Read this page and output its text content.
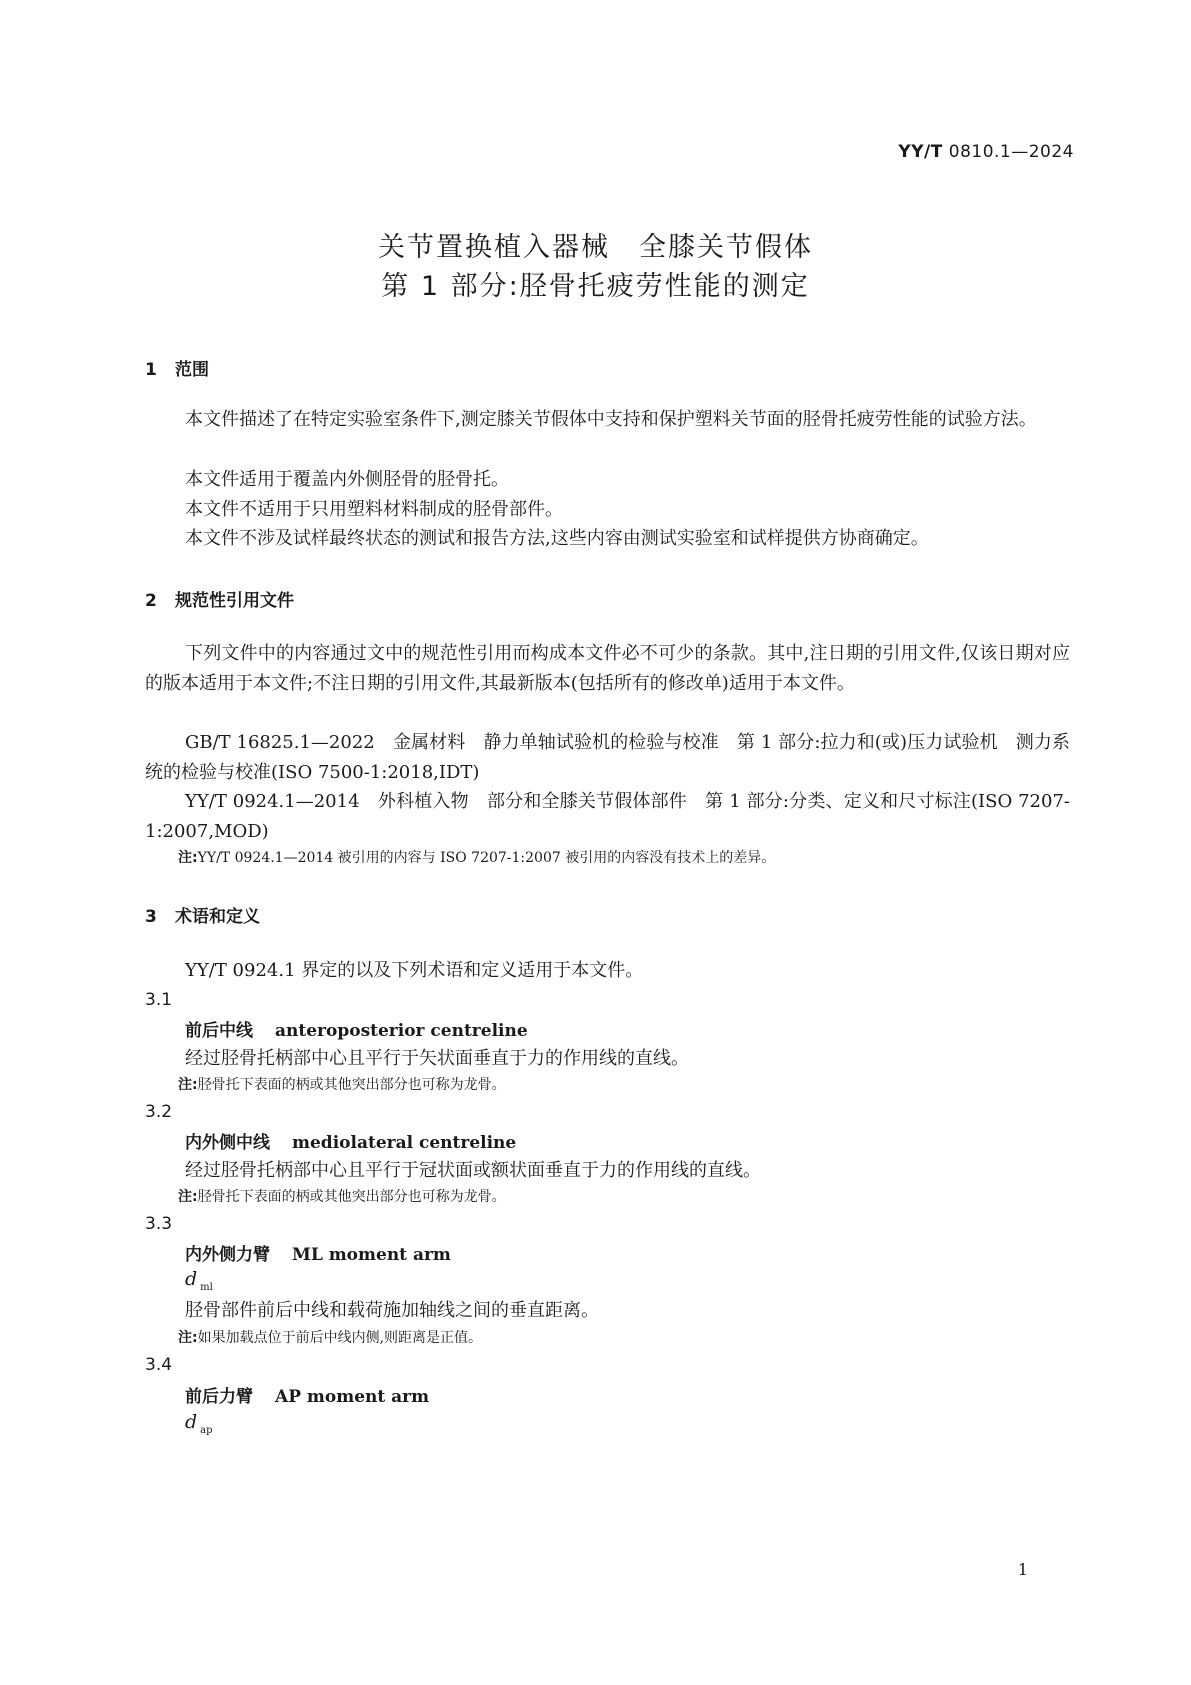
YY/T 0810.1—2024
关节置换植入器械　全膝关节假体
第 1 部分:胫骨托疲劳性能的测定
1 范围
本文件描述了在特定实验室条件下,测定膝关节假体中支持和保护塑料关节面的胫骨托疲劳性能的试验方法。
本文件适用于覆盖内外侧胫骨的胫骨托。
本文件不适用于只用塑料材料制成的胫骨部件。
本文件不涉及试样最终状态的测试和报告方法,这些内容由测试实验室和试样提供方协商确定。
2 规范性引用文件
下列文件中的内容通过文中的规范性引用而构成本文件必不可少的条款。其中,注日期的引用文件,仅该日期对应的版本适用于本文件;不注日期的引用文件,其最新版本(包括所有的修改单)适用于本文件。
GB/T 16825.1—2022　金属材料　静力单轴试验机的检验与校准　第 1 部分:拉力和(或)压力试验机　测力系统的检验与校准(ISO 7500-1:2018,IDT)
YY/T 0924.1—2014　外科植入物　部分和全膝关节假体部件　第 1 部分:分类、定义和尺寸标注(ISO 7207-1:2007,MOD)
注:YY/T 0924.1—2014 被引用的内容与 ISO 7207-1:2007 被引用的内容没有技术上的差异。
3 术语和定义
YY/T 0924.1 界定的以及下列术语和定义适用于本文件。
3.1
前后中线 anteroposterior centreline
经过胫骨托柄部中心且平行于矢状面垂直于力的作用线的直线。
注:胫骨托下表面的柄或其他突出部分也可称为龙骨。
3.2
内外侧中线 mediolateral centreline
经过胫骨托柄部中心且平行于冠状面或额状面垂直于力的作用线的直线。
注:胫骨托下表面的柄或其他突出部分也可称为龙骨。
3.3
内外侧力臂 ML moment arm
d $_{ml}$
胫骨部件前后中线和载荷施加轴线之间的垂直距离。
注:如果加载点位于前后中线内侧,则距离是正值。
3.4
前后力臂 AP moment arm
d $_{ap}$
1
